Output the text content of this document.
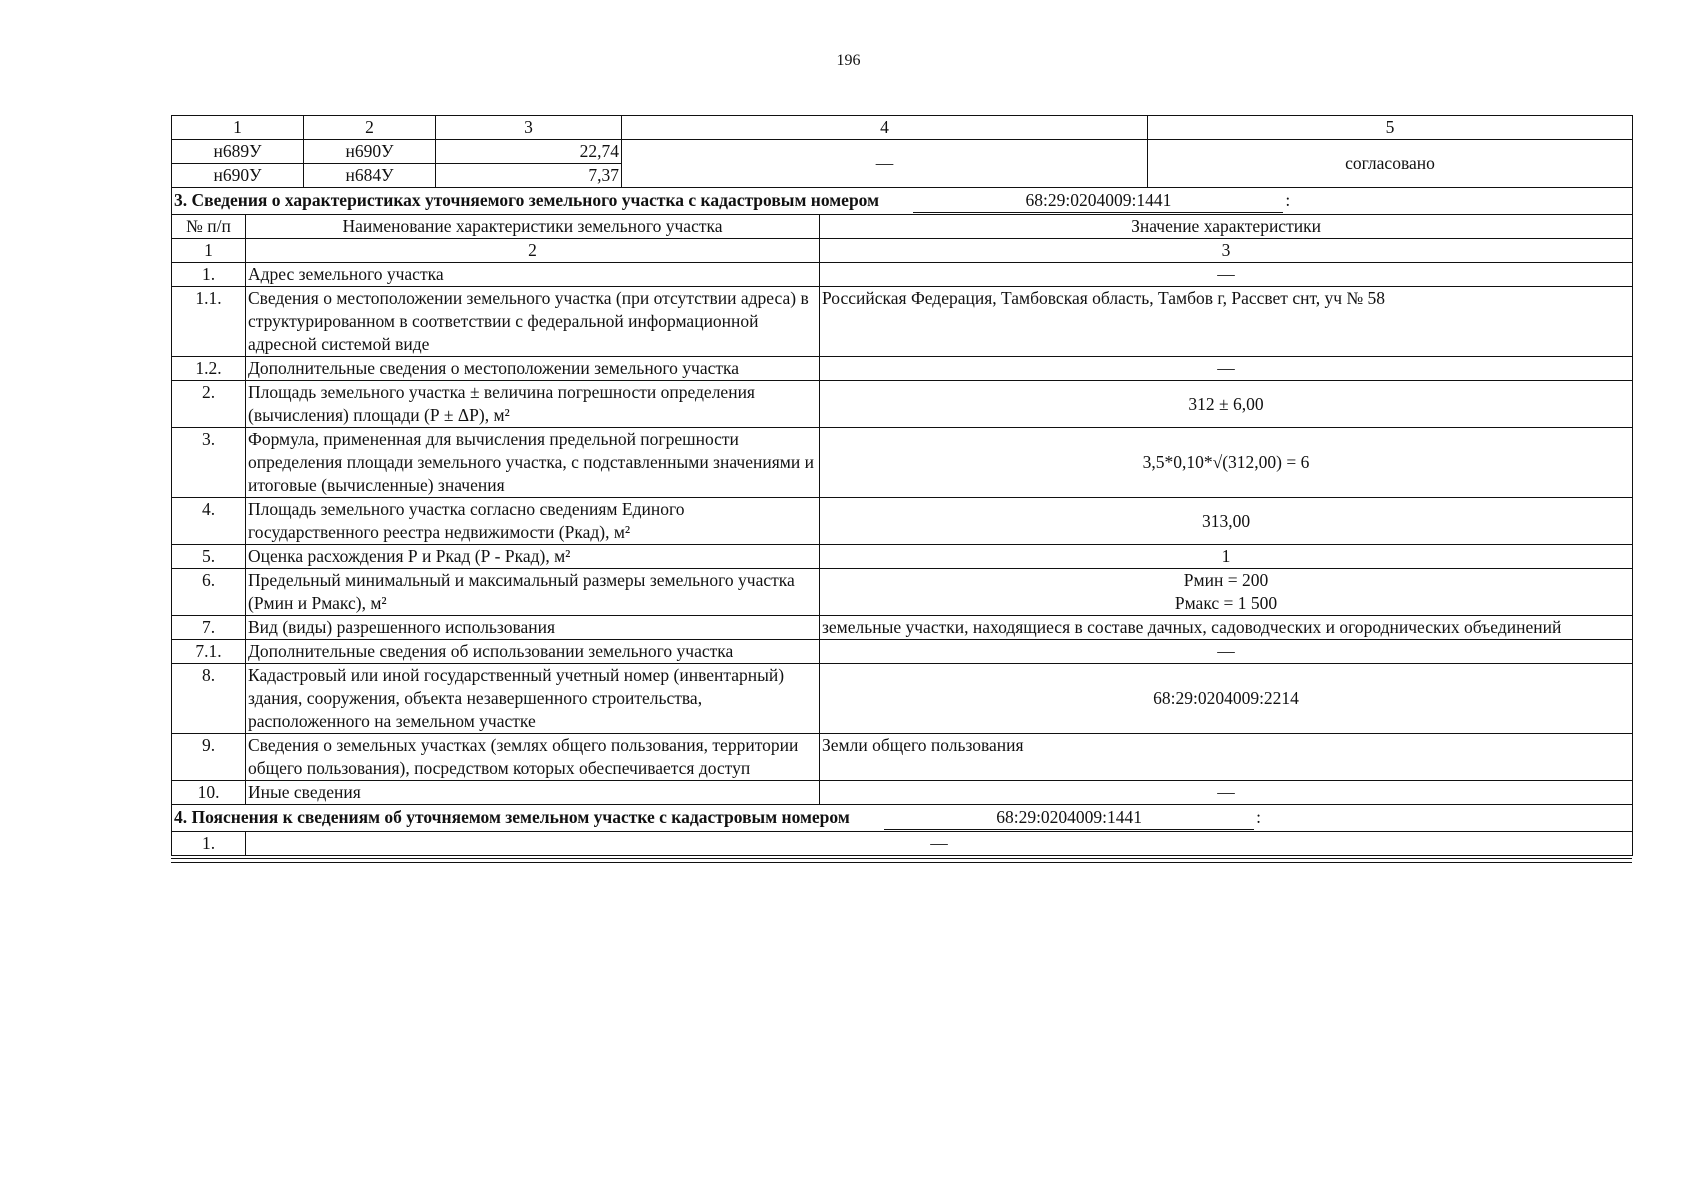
196
1	2	3	4	5
н689У	н690У	22,74	—	согласовано
н690У	н684У	7,37		
3. Сведения о характеристиках уточняемого земельного участка с кадастровым номером 68:29:0204009:1441 :		
№ п/п	Наименование характеристики земельного участка	Значение характеристики
1	2	3
1.	Адрес земельного участка	—
1.1.	Сведения о местоположении земельного участка (при отсутствии адреса) в структурированном в соответствии с федеральной информационной адресной системой виде	Российская Федерация, Тамбовская область, Тамбов г, Рассвет снт, уч № 58
1.2.	Дополнительные сведения о местоположении земельного участка	—
2.	Площадь земельного участка ± величина погрешности определения (вычисления) площади (Р ± ΔР), м²	312 ± 6,00
3.	Формула, примененная для вычисления предельной погрешности определения площади земельного участка, с подставленными значениями и итоговые (вычисленные) значения	3,5*0,10*√(312,00) = 6
4.	Площадь земельного участка согласно сведениям Единого государственного реестра недвижимости (Ркад), м²	313,00
5.	Оценка расхождения Р и Ркад (Р - Ркад), м²	1
6.	Предельный минимальный и максимальный размеры земельного участка (Рмин и Рмакс), м²	Рмин = 200
Рмакс = 1 500

7.	Вид (виды) разрешенного использования	земельные участки, находящиеся в составе дачных, садоводческих и огороднических объединений
7.1.	Дополнительные сведения об использовании земельного участка	—
8.	Кадастровый или иной государственный учетный номер (инвентарный) здания, сооружения, объекта незавершенного строительства, расположенного на земельном участке	68:29:0204009:2214
9.	Сведения о земельных участках (землях общего пользования, территории общего пользования), посредством которых обеспечивается доступ	Земли общего пользования
10.	Иные сведения	—
4. Пояснения к сведениям об уточняемом земельном участке с кадастровым номером	68:29:0204009:1441	:
1.	—
